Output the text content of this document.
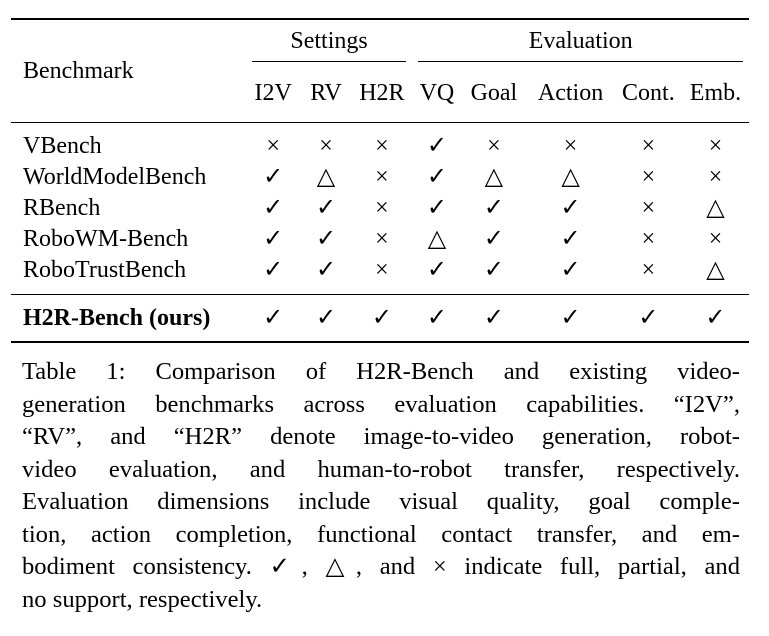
Benchmark	Settings			Evaluation				

	I2V	RV	H2R	VQ	Goal	Action	Cont.	Emb.
VBench	×	×	×	✓	×	×	×	×
WorldModelBench	✓	△	×	✓	△	△	×	×
RBench	✓	✓	×	✓	✓	✓	×	△
RoboWM-Bench	✓	✓	×	△	✓	✓	×	×
RoboTrustBench	✓	✓	×	✓	✓	✓	×	△
H2R-Bench (ours)	✓	✓	✓	✓	✓	✓	✓	✓
Table 1: Comparison of H2R-Bench and existing video-
generation benchmarks across evaluation capabilities. “I2V”,
“RV”, and “H2R” denote image-to-video generation, robot-
video evaluation, and human-to-robot transfer, respectively.
Evaluation dimensions include visual quality, goal comple-
tion, action completion, functional contact transfer, and em-
bodiment consistency. ✓, △, and × indicate full, partial, and
no support, respectively.
